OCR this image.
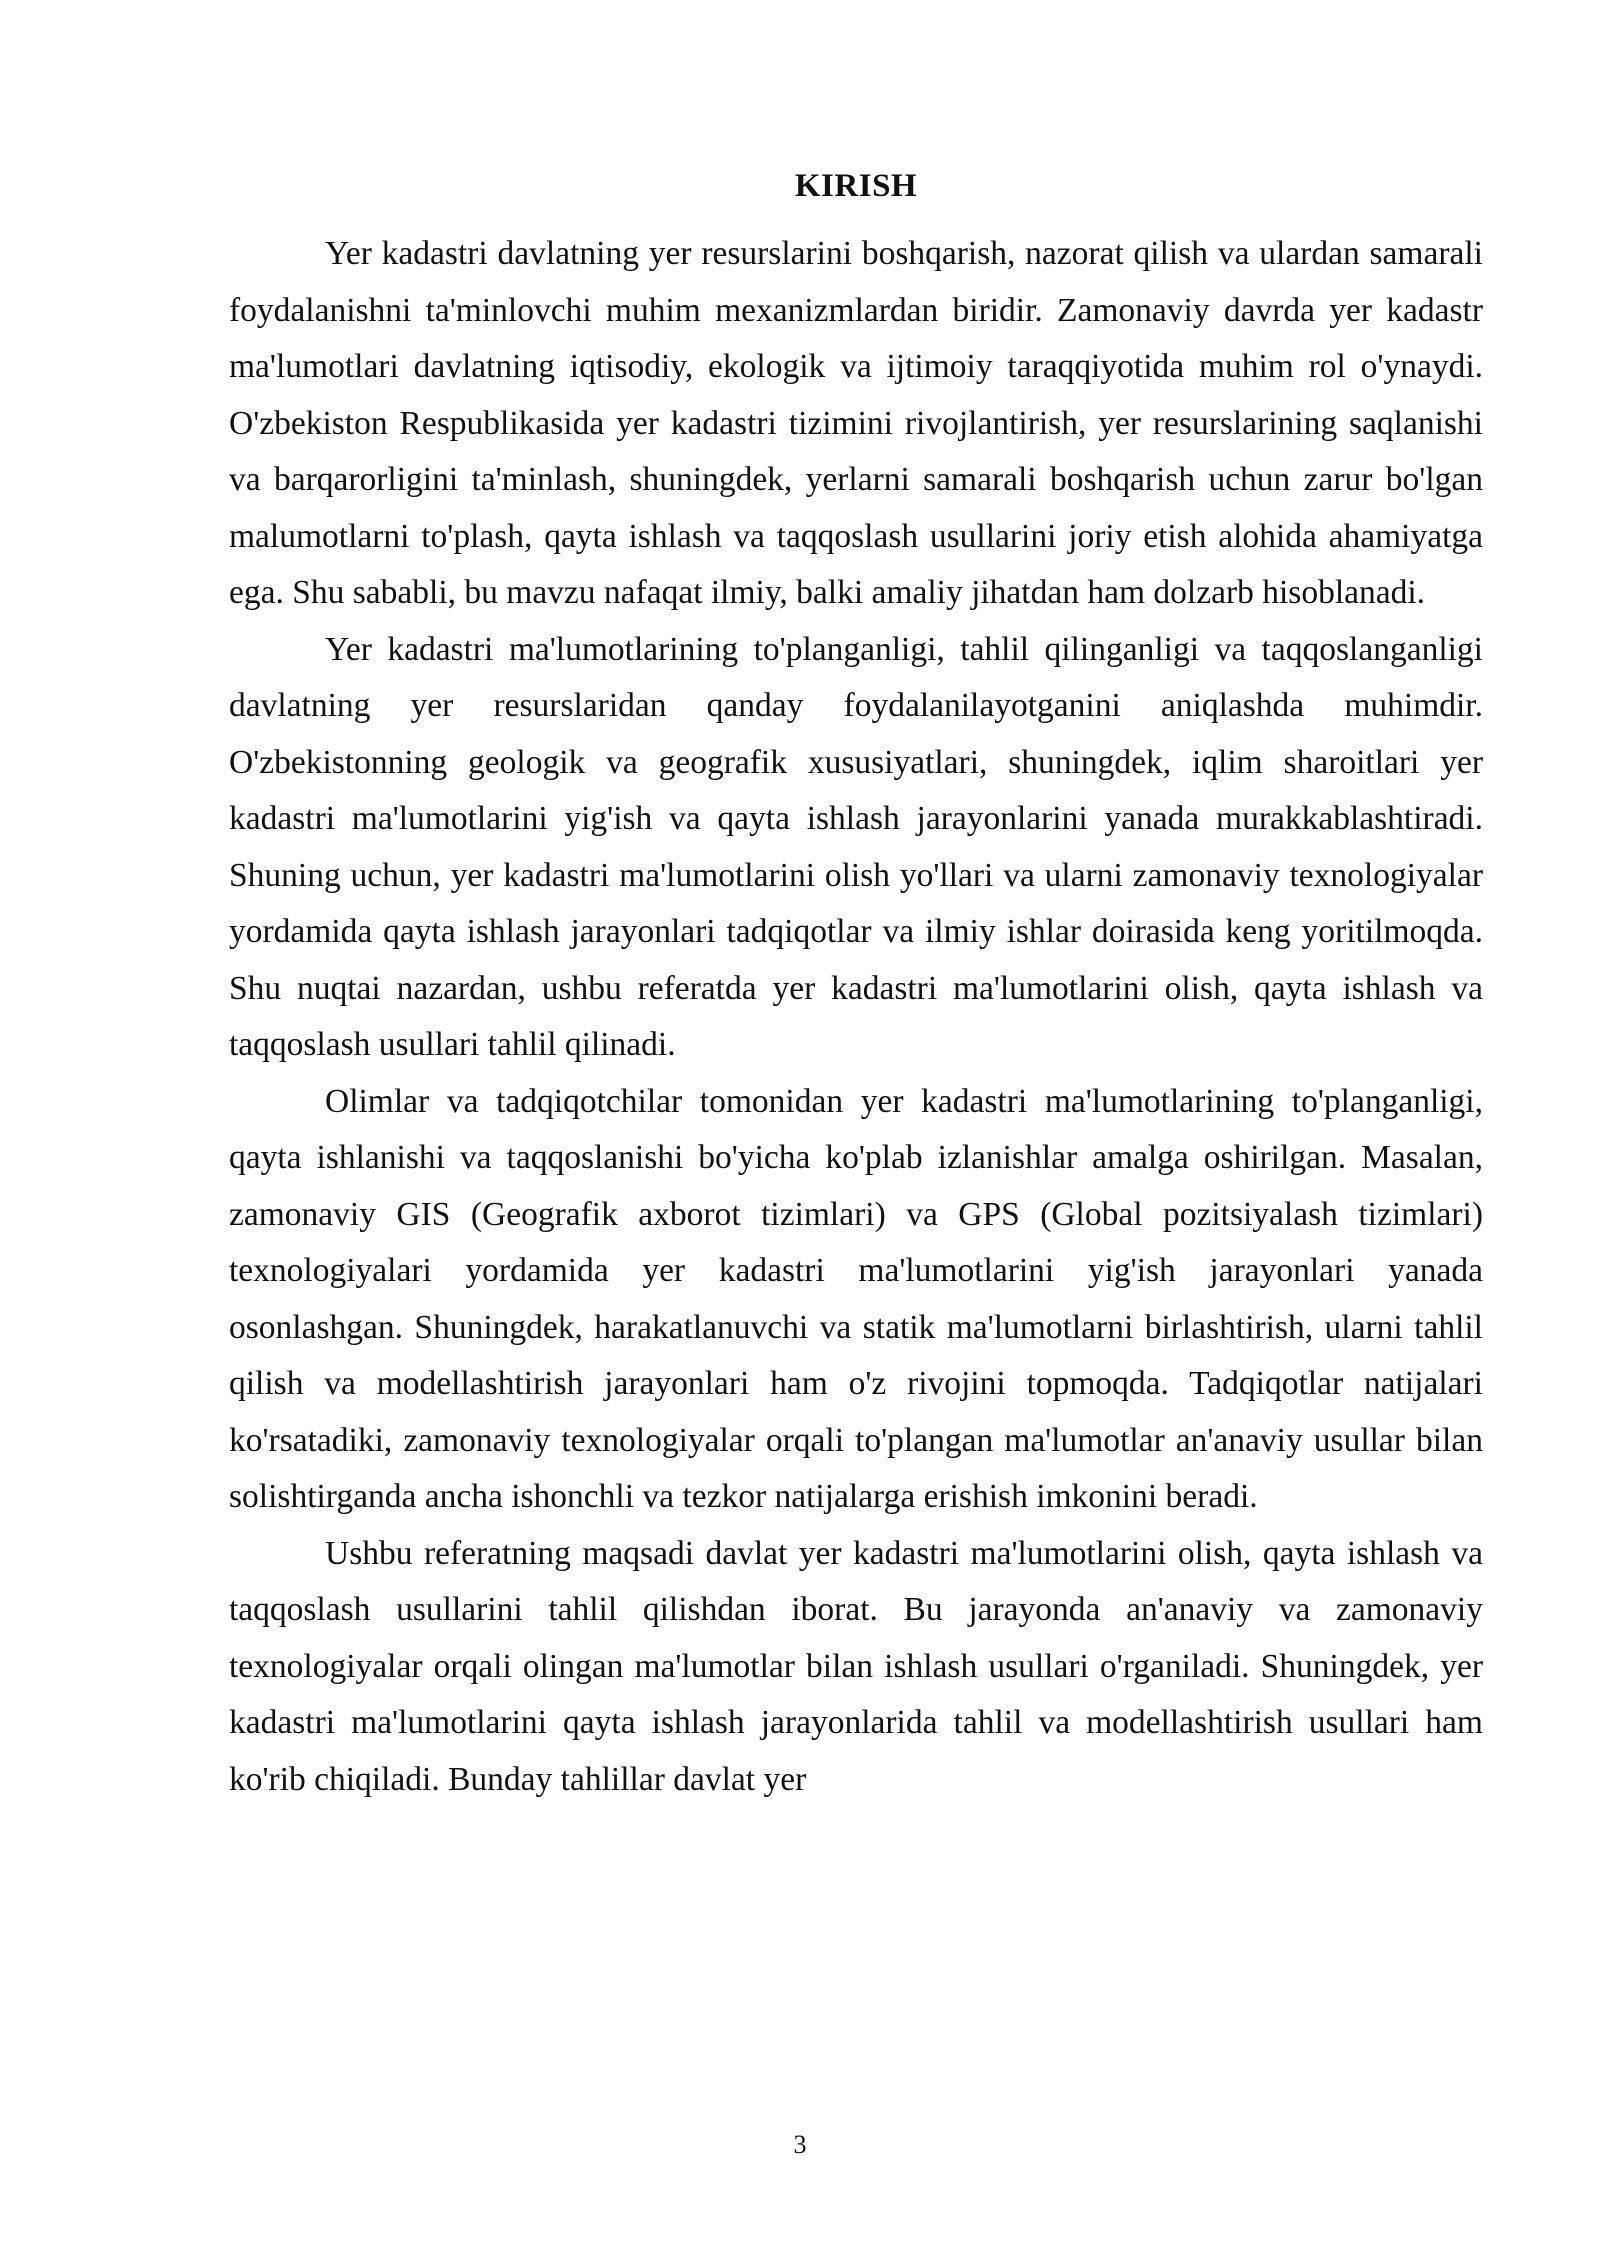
KIRISH

Yer kadastri davlatning yer resurslarini boshqarish, nazorat qilish va ulardan samarali foydalanishni ta'minlovchi muhim mexanizmlardan biridir. Zamonaviy davrda yer kadastr ma'lumotlari davlatning iqtisodiy, ekologik va ijtimoiy taraqqiyotida muhim rol o'ynaydi. O'zbekiston Respublikasida yer kadastri tizimini rivojlantirish, yer resurslarining saqlanishi va barqarorligini ta'minlash, shuningdek, yerlarni samarali boshqarish uchun zarur bo'lgan malumotlarni to'plash, qayta ishlash va taqqoslash usullarini joriy etish alohida ahamiyatga ega. Shu sababli, bu mavzu nafaqat ilmiy, balki amaliy jihatdan ham dolzarb hisoblanadi.

Yer kadastri ma'lumotlarining to'planganligi, tahlil qilinganligi va taqqoslanganligi davlatning yer resurslaridan qanday foydalanilayotganini aniqlashda muhimdir. O'zbekistonning geologik va geografik xususiyatlari, shuningdek, iqlim sharoitlari yer kadastri ma'lumotlarini yig'ish va qayta ishlash jarayonlarini yanada murakkablashtiradi. Shuning uchun, yer kadastri ma'lumotlarini olish yo'llari va ularni zamonaviy texnologiyalar yordamida qayta ishlash jarayonlari tadqiqotlar va ilmiy ishlar doirasida keng yoritilmoqda. Shu nuqtai nazardan, ushbu referatda yer kadastri ma'lumotlarini olish, qayta ishlash va taqqoslash usullari tahlil qilinadi.

Olimlar va tadqiqotchilar tomonidan yer kadastri ma'lumotlarining to'planganligi, qayta ishlanishi va taqqoslanishi bo'yicha ko'plab izlanishlar amalga oshirilgan. Masalan, zamonaviy GIS (Geografik axborot tizimlari) va GPS (Global pozitsiyalash tizimlari) texnologiyalari yordamida yer kadastri ma'lumotlarini yig'ish jarayonlari yanada osonlashgan. Shuningdek, harakatlanuvchi va statik ma'lumotlarni birlashtirish, ularni tahlil qilish va modellashtirish jarayonlari ham o'z rivojini topmoqda. Tadqiqotlar natijalari ko'rsatadiki, zamonaviy texnologiyalar orqali to'plangan ma'lumotlar an'anaviy usullar bilan solishtirganda ancha ishonchli va tezkor natijalarga erishish imkonini beradi.

Ushbu referatning maqsadi davlat yer kadastri ma'lumotlarini olish, qayta ishlash va taqqoslash usullarini tahlil qilishdan iborat. Bu jarayonda an'anaviy va zamonaviy texnologiyalar orqali olingan ma'lumotlar bilan ishlash usullari o'rganiladi. Shuningdek, yer kadastri ma'lumotlarini qayta ishlash jarayonlarida tahlil va modellashtirish usullari ham ko'rib chiqiladi. Bunday tahlillar davlat yer

3
